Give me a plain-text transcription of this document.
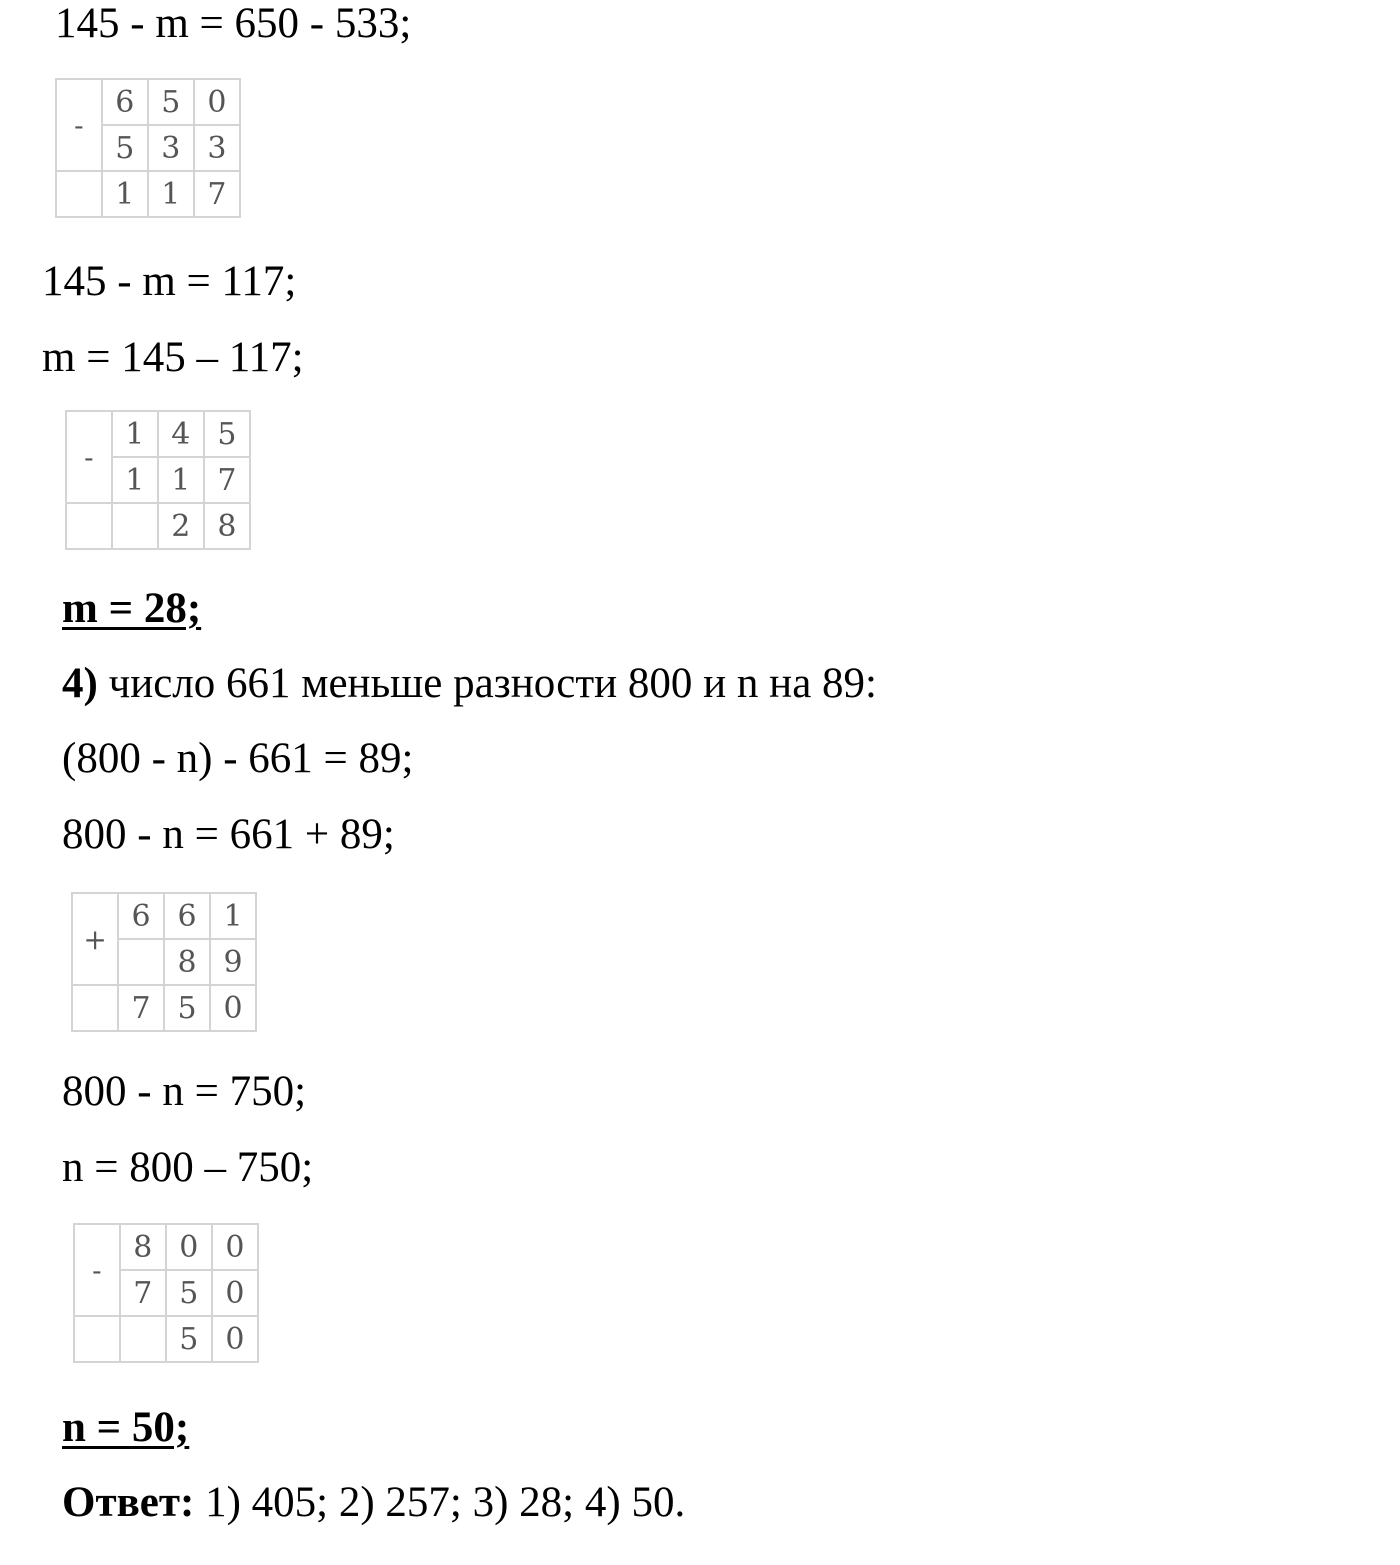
145 - m = 650 - 533;
-	6	5	0
	5	3	3
	1	1	7
145 - m = 117;
m = 145 – 117;
-	1	4	5
	1	1	7
		2	8
m = 28;
4) число 661 меньше разности 800 и n на 89:
(800 - n) - 661 = 89;
800 - n = 661 + 89;
+	6	6	1
		8	9
	7	5	0
800 - n = 750;
n = 800 – 750;
-	8	0	0
	7	5	0
		5	0
n = 50;
Ответ: 1) 405; 2) 257; 3) 28; 4) 50.
